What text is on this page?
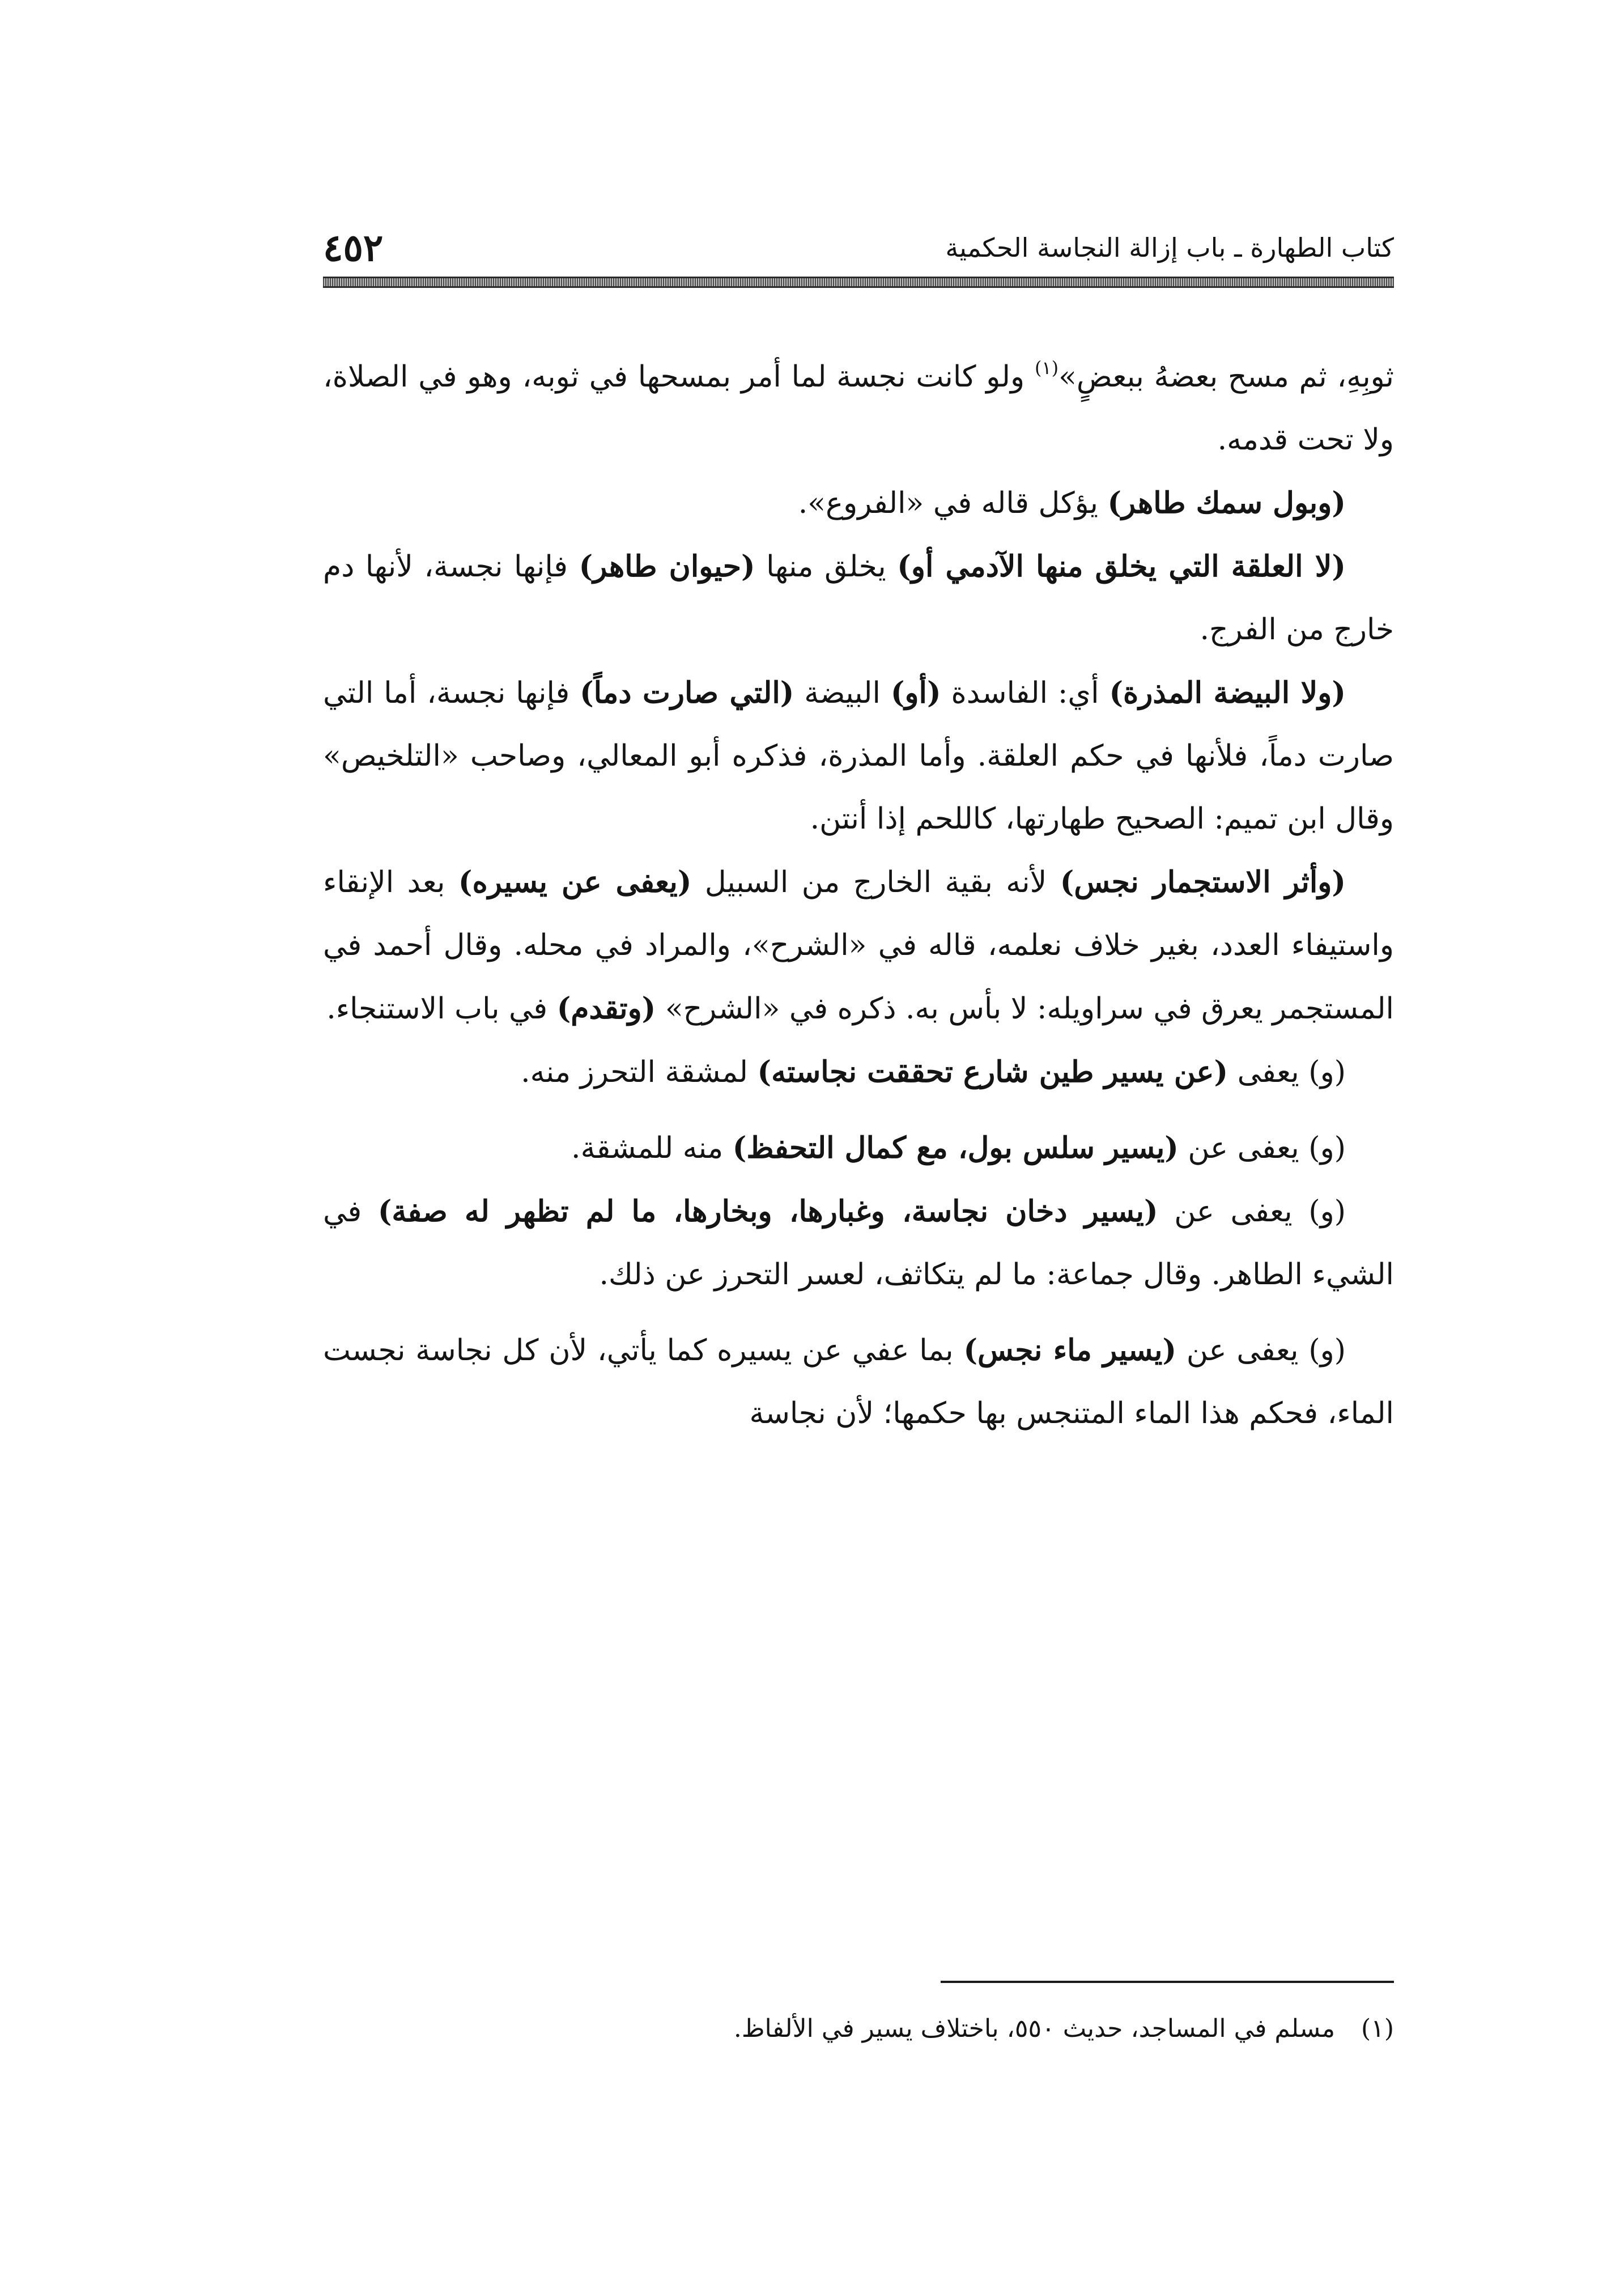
٤٥٢	كتاب الطهارة ـ باب إزالة النجاسة الحكمية

ثوبِهِ، ثم مسح بعضهُ ببعضٍ»$^{(١)}$ ولو كانت نجسة لما أمر بمسحها في ثوبه، وهو في الصلاة، ولا تحت قدمه.

(وبول سمك طاهر) يؤكل قاله في «الفروع».

(لا العلقة التي يخلق منها الآدمي أو) يخلق منها (حيوان طاهر) فإنها نجسة، لأنها دم خارج من الفرج.

(ولا البيضة المذرة) أي: الفاسدة (أو) البيضة (التي صارت دماً) فإنها نجسة، أما التي صارت دماً، فلأنها في حكم العلقة. وأما المذرة، فذكره أبو المعالي، وصاحب «التلخيص» وقال ابن تميم: الصحيح طهارتها، كاللحم إذا أنتن.

(وأثر الاستجمار نجس) لأنه بقية الخارج من السبيل (يعفى عن يسيره) بعد الإنقاء واستيفاء العدد، بغير خلاف نعلمه، قاله في «الشرح»، والمراد في محله. وقال أحمد في المستجمر يعرق في سراويله: لا بأس به. ذكره في «الشرح» (وتقدم) في باب الاستنجاء.

(و) يعفى (عن يسير طين شارع تحققت نجاسته) لمشقة التحرز منه.

(و) يعفى عن (يسير سلس بول، مع كمال التحفظ) منه للمشقة.

(و) يعفى عن (يسير دخان نجاسة، وغبارها، وبخارها، ما لم تظهر له صفة) في الشيء الطاهر. وقال جماعة: ما لم يتكاثف، لعسر التحرز عن ذلك.

(و) يعفى عن (يسير ماء نجس) بما عفي عن يسيره كما يأتي، لأن كل نجاسة نجست الماء، فحكم هذا الماء المتنجس بها حكمها؛ لأن نجاسة

(١)مسلم في المساجد، حديث ٥٥٠، باختلاف يسير في الألفاظ.
